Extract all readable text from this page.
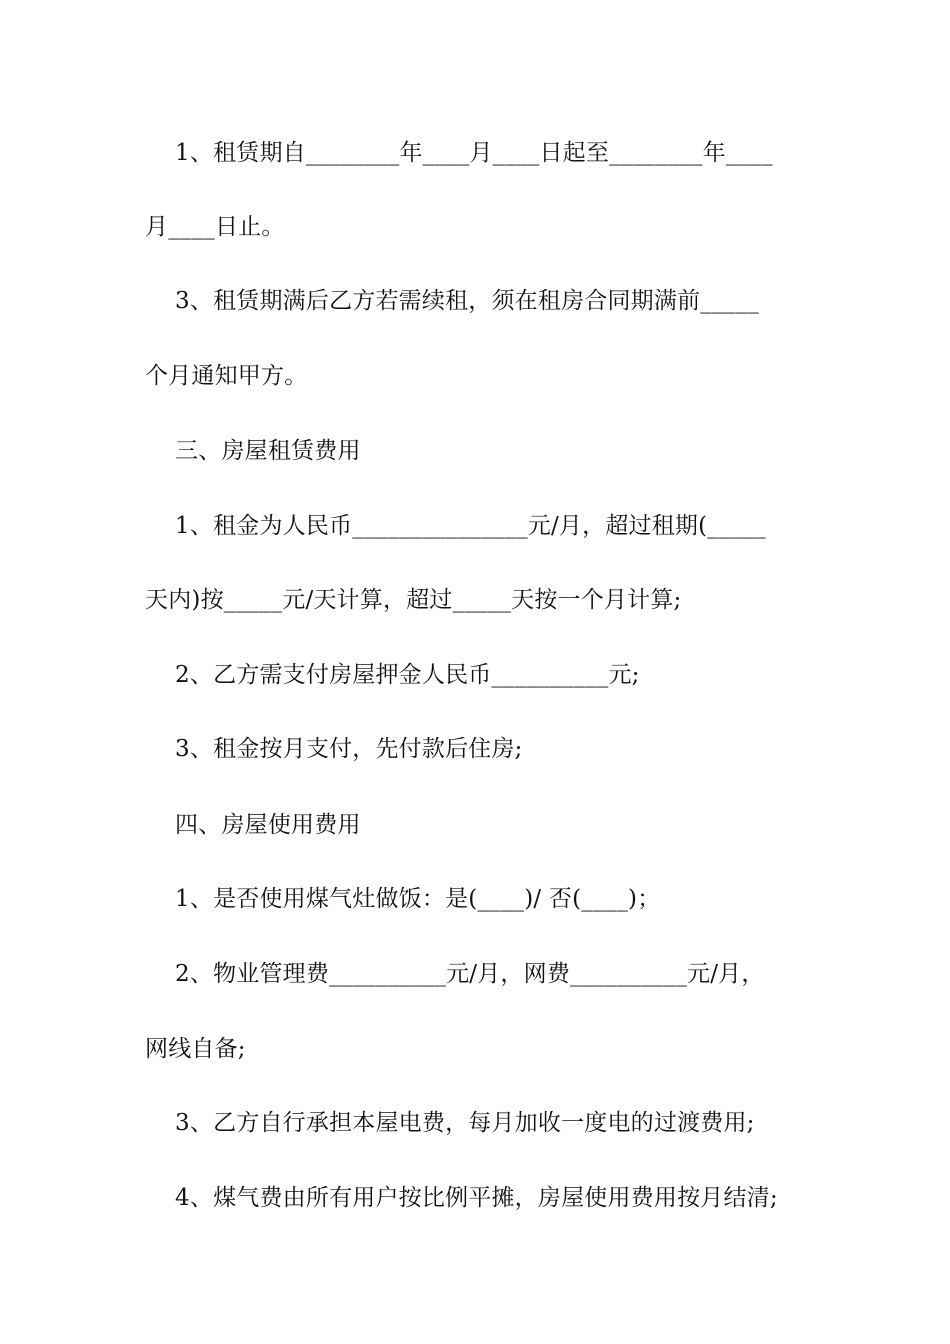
1、租赁期自________年____月____日起至________年____
月____日止。
3、租赁期满后乙方若需续租，须在租房合同期满前_____
个月通知甲方。
三、房屋租赁费用
1、租金为人民币_______________元/月，超过租期(_____
天内)按_____元/天计算，超过_____天按一个月计算;
2、乙方需支付房屋押金人民币__________元;
3、租金按月支付，先付款后住房;
四、房屋使用费用
1、是否使用煤气灶做饭：是(____)/ 否(____)；
2、物业管理费__________元/月，网费__________元/月，
网线自备;
3、乙方自行承担本屋电费，每月加收一度电的过渡费用;
4、煤气费由所有用户按比例平摊，房屋使用费用按月结清;
